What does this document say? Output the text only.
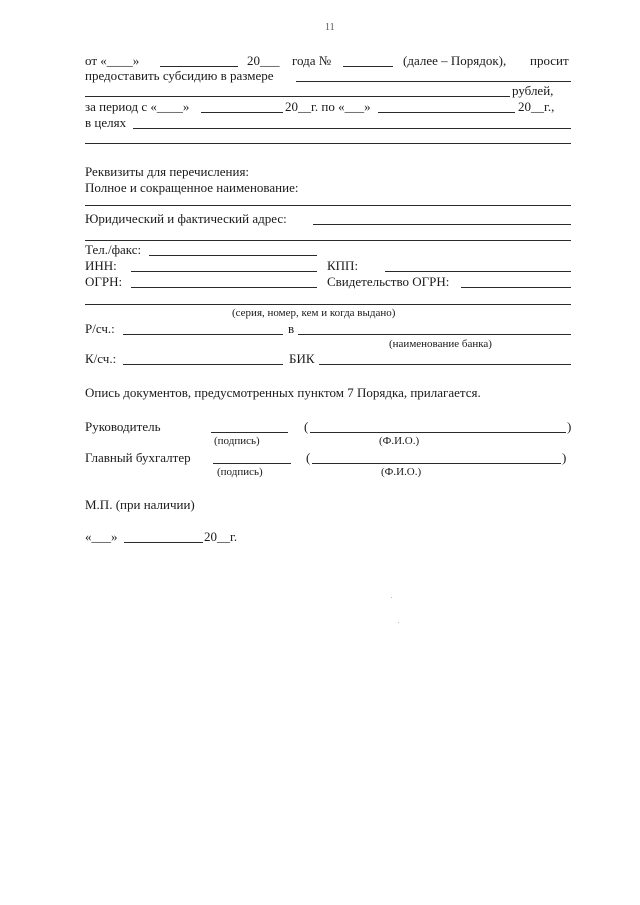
11
от «____»	20___ года №	(далее – Порядок), просит
предоставить субсидию в размере
рублей,
за период с «____»	20__г. по «___»	20__г.,
в целях
Реквизиты для перечисления:
Полное и сокращенное наименование:
Юридический и фактический адрес:
Тел./факс:
ИНН:	КПП:
ОГРН:	Свидетельство ОГРН:
(серия, номер, кем и когда выдано)
Р/сч.:	в
(наименование банка)
К/сч.:	БИК
Опись документов, предусмотренных пунктом 7 Порядка, прилагается.
Руководитель	(	)
(подпись)	(Ф.И.О.)
Главный бухгалтер	(	)
(подпись)	(Ф.И.О.)
М.П. (при наличии)
«___»	20__г.
